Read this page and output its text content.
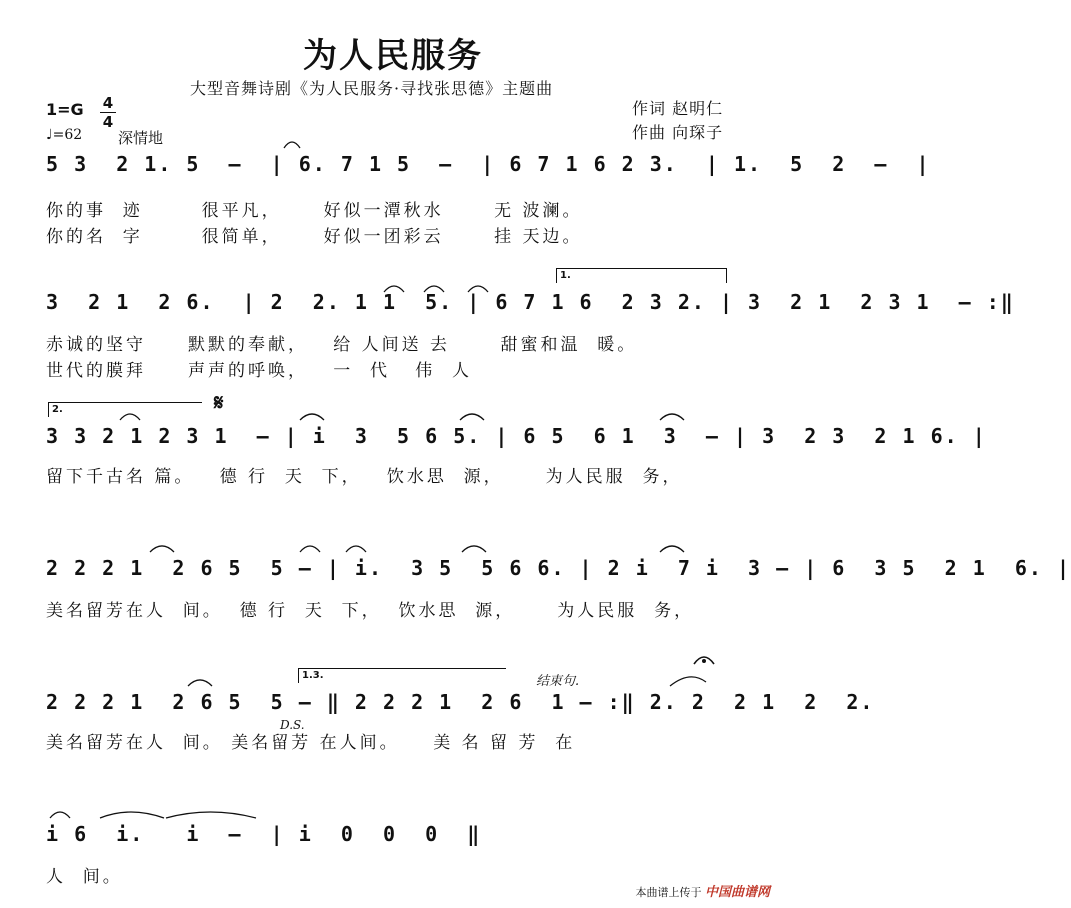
为人民服务
大型音舞诗剧《为人民服务·寻找张思德》主题曲
作词 赵明仁
作曲 向琛子
1=G 4
4
♩=62 深情地
5 3  2 1. 5  –  | 6. 7 1 5  –  | 6 7 1 6 2 3.  | 1.  5  2  –  |
你的事  迹       很平凡，     好似一潭秋水      无 波澜。
你的名  字       很简单，     好似一团彩云      挂 天边。
1.
3  2 1  2 6.  | 2  2. 1 1  5. | 6 7 1 6  2 3 2. | 3  2 1  2 3 1  – :‖
赤诚的坚守     默默的奉献，   给 人间送 去      甜蜜和温  暖。
世代的膜拜     声声的呼唤，   一  代   伟  人
2.	𝄋
3 3 2 1 2 3 1  – | i  3  5 6 5. | 6 5  6 1  3  – | 3  2 3  2 1 6. |
留下千古名 篇。   德 行  天  下，   饮水思  源，     为人民服  务，
2 2 2 1  2 6 5  5 – | i.  3 5  5 6 6. | 2 i  7 i  3 – | 6  3 5  2 1  6. |
美名留芳在人  间。  德 行  天  下，  饮水思  源，     为人民服  务，
1.3.	结束句.
2 2 2 1  2 6 5  5 – ‖ 2 2 2 1  2 6  1 – :‖ 2. 2  2 1  2  2.
D.S.
美名留芳在人  间。 美名留芳 在人间。    美 名 留 芳  在
i 6  i.   i  –  | i  0  0  0  ‖
人  间。
本曲谱上传于 中国曲谱网
